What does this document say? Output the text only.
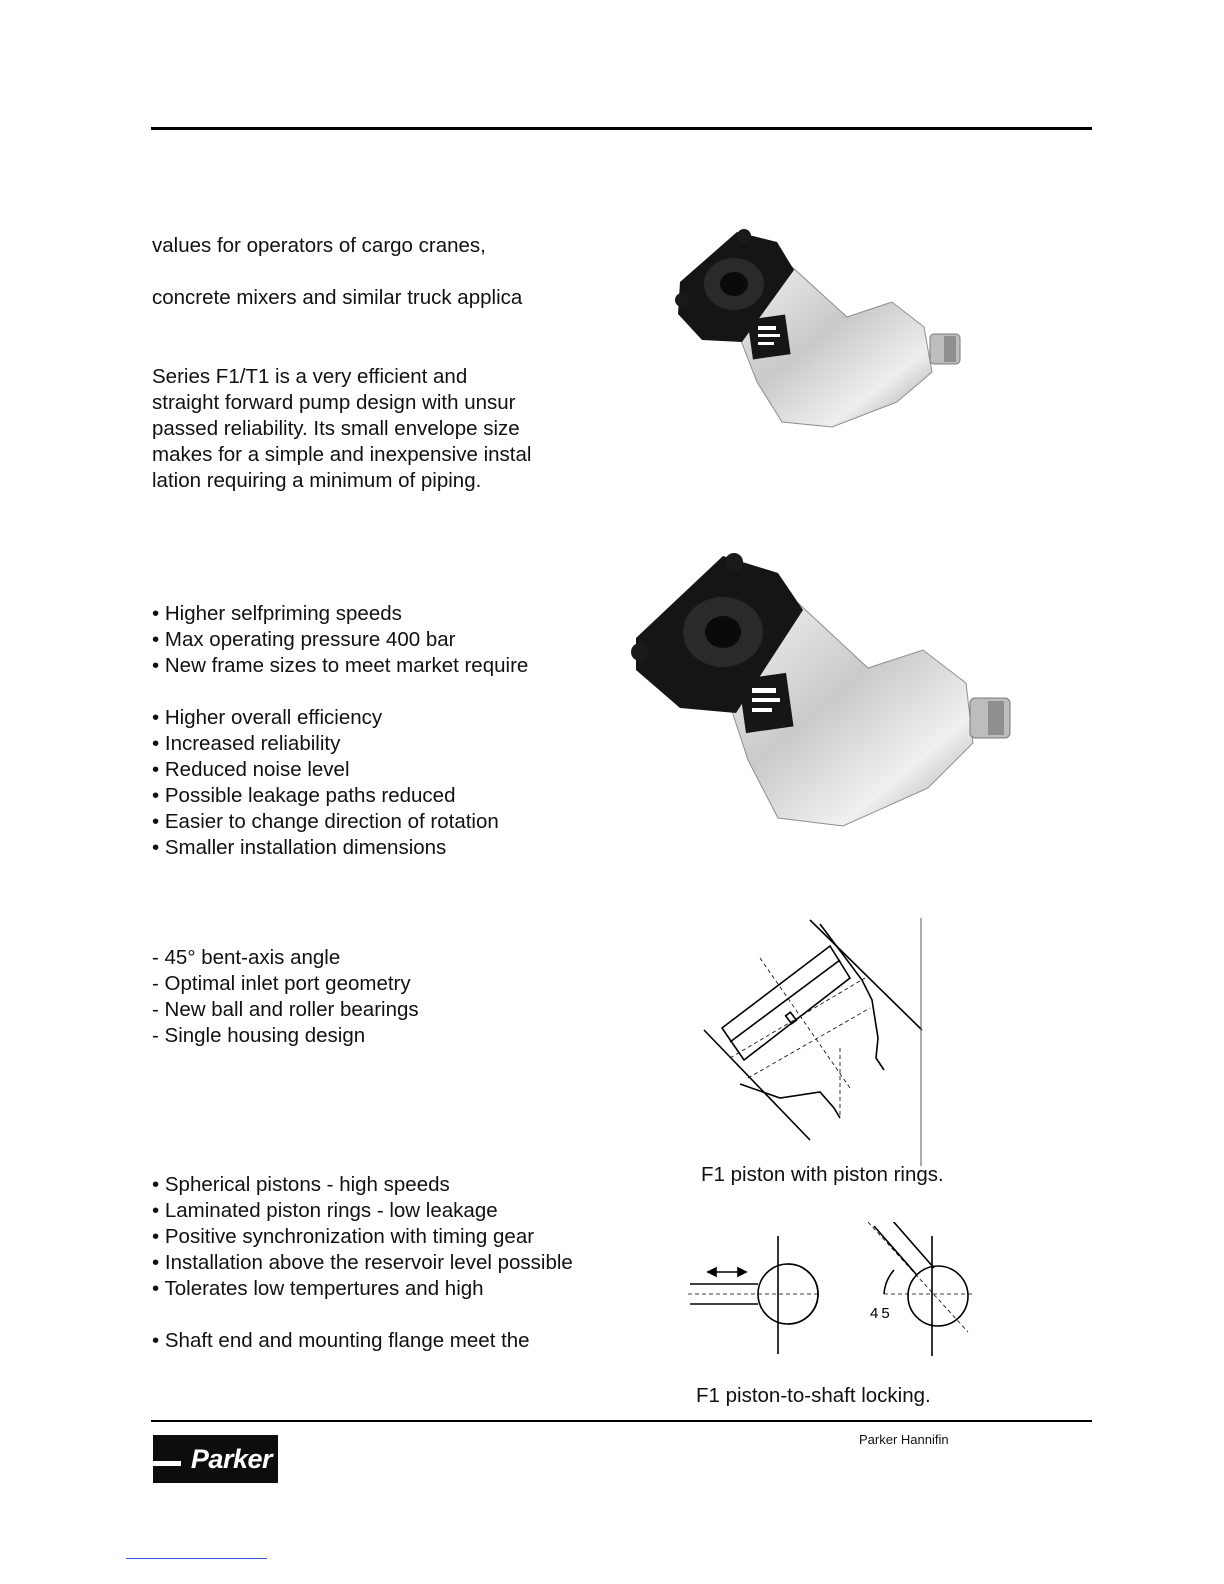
values for operators of cargo cranes,
concrete mixers and similar truck applica
Series F1/T1 is a very efficient and
straight forward pump design with unsur
passed reliability. Its small envelope size
makes for a simple and inexpensive instal
lation requiring a minimum of piping.
• Higher selfpriming speeds
• Max operating pressure 400 bar
• New frame sizes to meet market require
• Higher overall efficiency
• Increased reliability
• Reduced noise level
• Possible leakage paths reduced
• Easier to change direction of rotation
• Smaller installation dimensions
- 45° bent-axis angle
- Optimal inlet port geometry
- New ball and roller bearings
- Single housing design
• Spherical pistons - high speeds
• Laminated piston rings - low leakage
• Positive synchronization with timing gear
• Installation above the reservoir level possible
• Tolerates low tempertures and high
• Shaft end and mounting flange meet the
F1 piston with piston rings.
45
F1 piston-to-shaft locking.
Parker
Parker Hannifin
